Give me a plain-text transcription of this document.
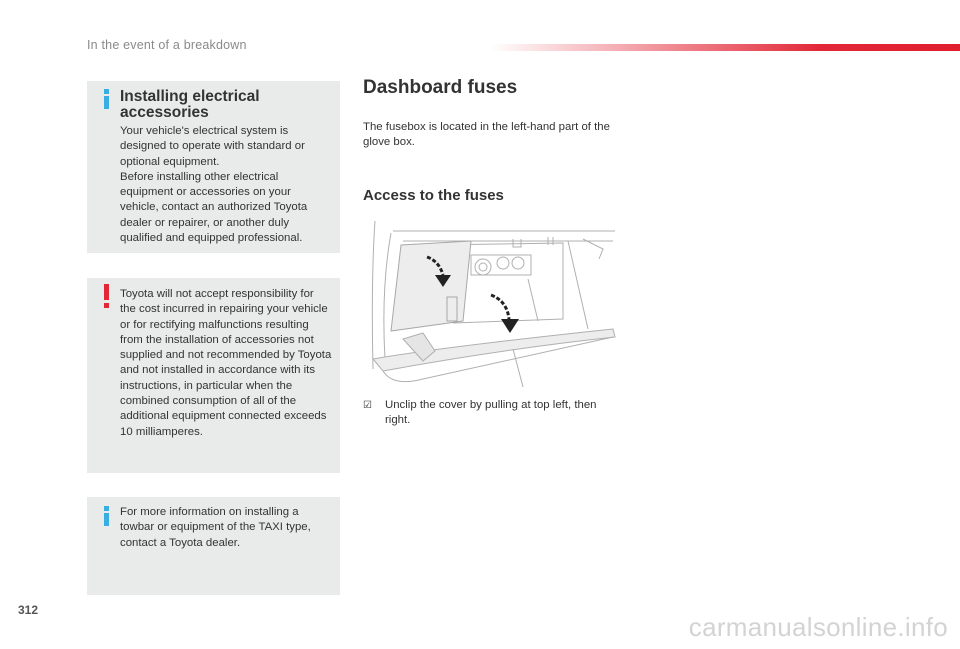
In the event of a breakdown
Installing electrical accessories
Your vehicle's electrical system is designed to operate with standard or optional equipment.
Before installing other electrical equipment or accessories on your vehicle, contact an authorized Toyota dealer or repairer, or another duly qualified and equipped professional.
Toyota will not accept responsibility for the cost incurred in repairing your vehicle or for rectifying malfunctions resulting from the installation of accessories not supplied and not recommended by Toyota and not installed in accordance with its instructions, in particular when the combined consumption of all of the additional equipment connected exceeds 10 milliamperes.
For more information on installing a towbar or equipment of the TAXI type, contact a Toyota dealer.
Dashboard fuses
The fusebox is located in the left-hand part of the glove box.
Access to the fuses
☑	Unclip the cover by pulling at top left, then right.
312
carmanualsonline.info
